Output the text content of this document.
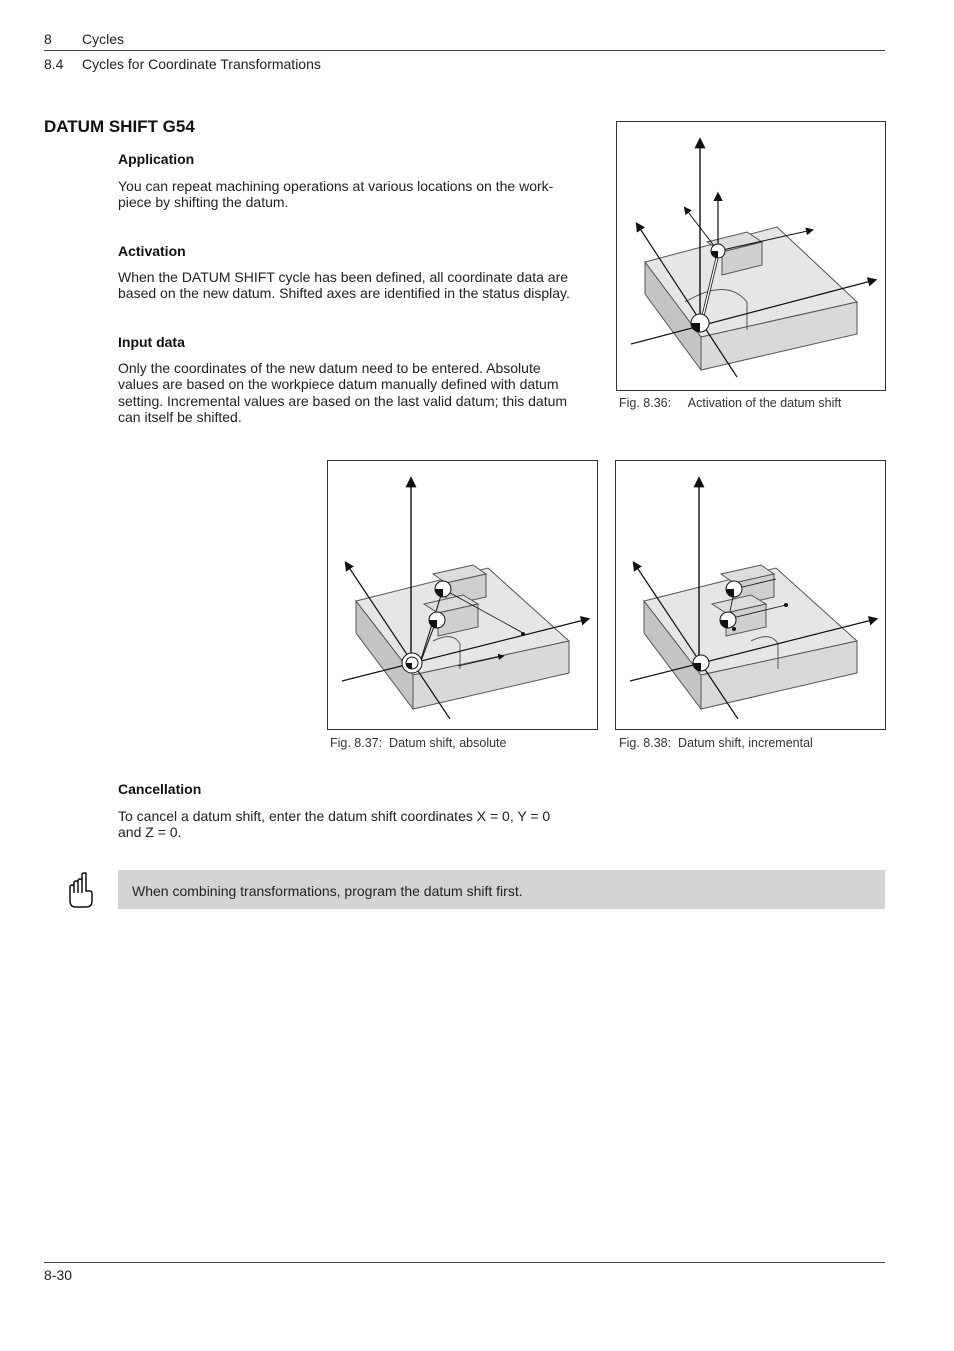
8 Cycles
8.4 Cycles for Coordinate Transformations
DATUM SHIFT G54
Application

You can repeat machining operations at various locations on the work-
piece by shifting the datum.

Activation

When the DATUM SHIFT cycle has been defined, all coordinate data are
based on the new datum. Shifted axes are identified in the status display.

Input data

Only the coordinates of the new datum need to be entered. Absolute
values are based on the workpiece datum manually defined with datum
setting. Incremental values are based on the last valid datum; this datum
can itself be shifted.

Fig. 8.36:     Activation of the datum shift
Fig. 8.37:  Datum shift, absolute	Fig. 8.38:  Datum shift, incremental
Cancellation

To cancel a datum shift, enter the datum shift coordinates X = 0, Y = 0
and Z = 0.

When combining transformations, program the datum shift first.
8-30
